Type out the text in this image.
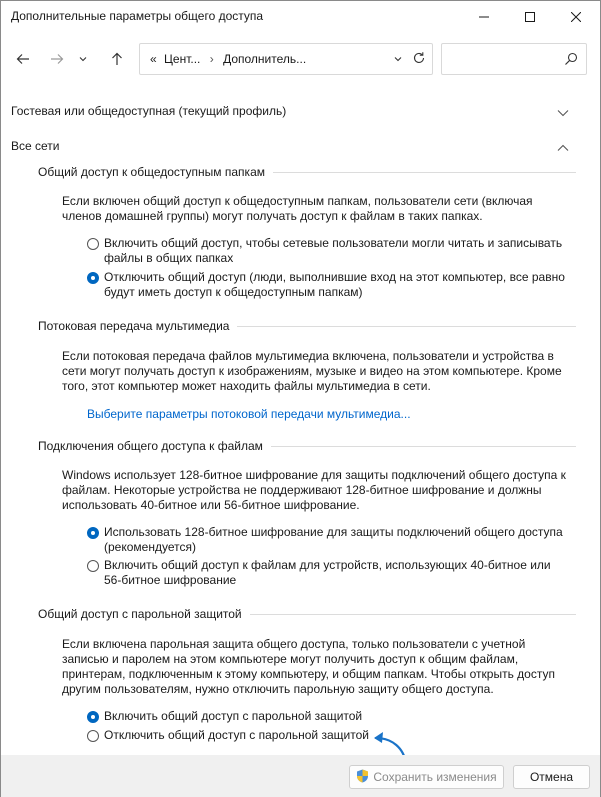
Дополнительные параметры общего доступа
« Цент... › Дополнитель...
Гостевая или общедоступная (текущий профиль)
Все сети
Общий доступ к общедоступным папкам
Если включен общий доступ к общедоступным папкам, пользователи сети (включая членов домашней группы) могут получать доступ к файлам в таких папках.
Включить общий доступ, чтобы сетевые пользователи могли читать и записывать файлы в общих папках
Отключить общий доступ (люди, выполнившие вход на этот компьютер, все равно будут иметь доступ к общедоступным папкам)
Потоковая передача мультимедиа
Если потоковая передача файлов мультимедиа включена, пользователи и устройства в сети могут получать доступ к изображениям, музыке и видео на этом компьютере. Кроме того, этот компьютер может находить файлы мультимедиа в сети.
Выберите параметры потоковой передачи мультимедиа...
Подключения общего доступа к файлам
Windows использует 128-битное шифрование для защиты подключений общего доступа к файлам. Некоторые устройства не поддерживают 128-битное шифрование и должны использовать 40-битное или 56-битное шифрование.
Использовать 128-битное шифрование для защиты подключений общего доступа (рекомендуется)
Включить общий доступ к файлам для устройств, использующих 40-битное или 56-битное шифрование
Общий доступ с парольной защитой
Если включена парольная защита общего доступа, только пользователи с учетной записью и паролем на этом компьютере могут получить доступ к общим файлам, принтерам, подключенным к этому компьютеру, и общим папкам. Чтобы открыть доступ другим пользователям, нужно отключить парольную защиту общего доступа.
Включить общий доступ с парольной защитой
Отключить общий доступ с парольной защитой
Сохранить изменения	Отмена
